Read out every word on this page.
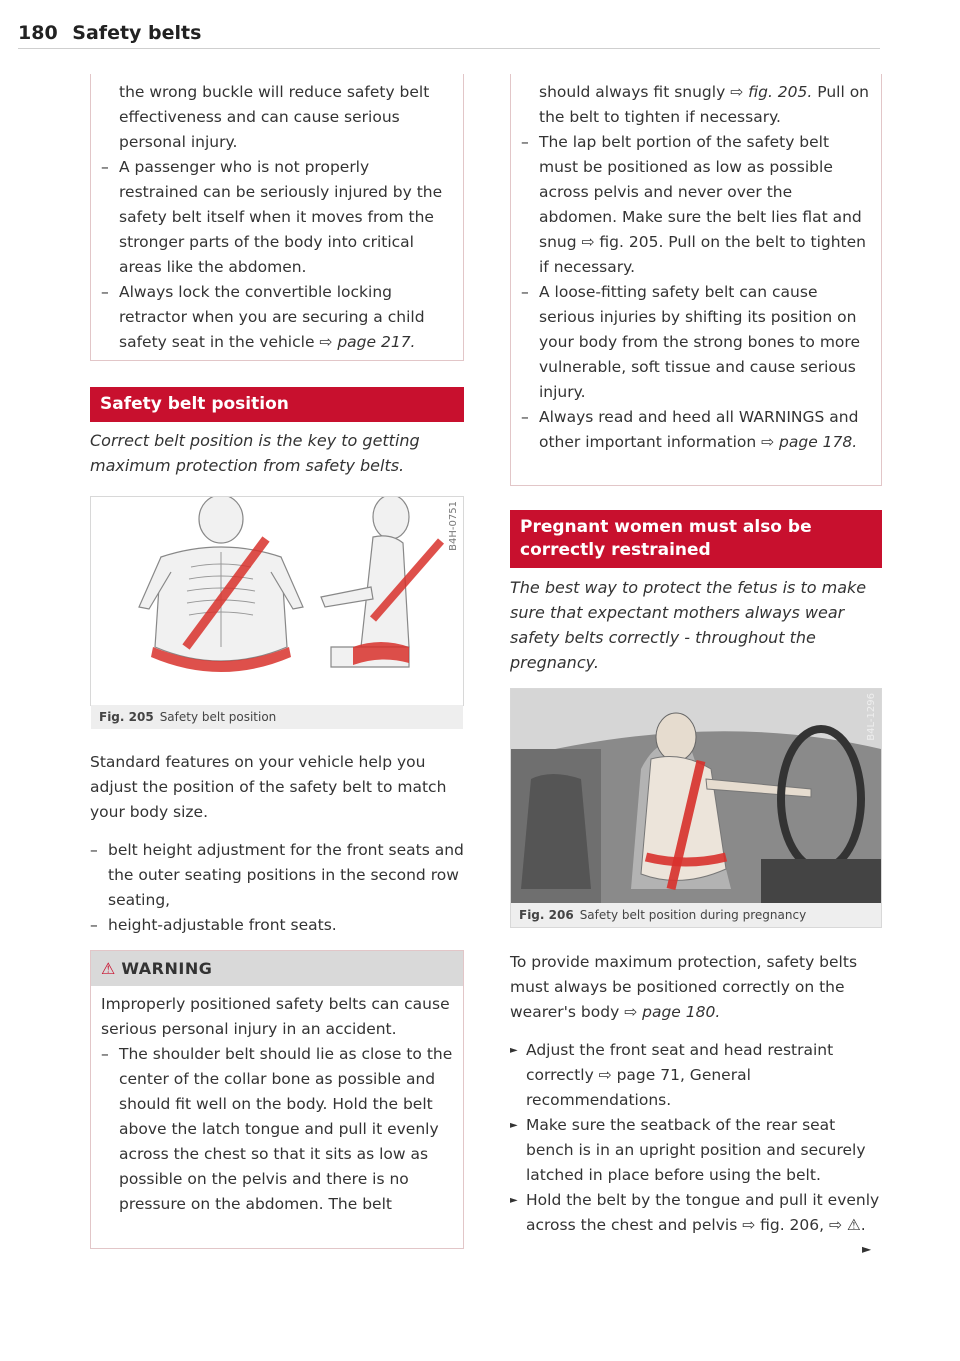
180 Safety belts
the wrong buckle will reduce safety belt effectiveness and can cause serious personal injury.
– A passenger who is not properly restrained can be seriously injured by the safety belt itself when it moves from the stronger parts of the body into critical areas like the abdomen.
– Always lock the convertible locking retractor when you are securing a child safety seat in the vehicle ⇨ page 217.
Safety belt position
Correct belt position is the key to getting maximum protection from safety belts.
B4H-0751
Fig. 205 Safety belt position
Standard features on your vehicle help you adjust the position of the safety belt to match your body size.
– belt height adjustment for the front seats and the outer seating positions in the second row seating,
– height-adjustable front seats.
⚠ WARNING
Improperly positioned safety belts can cause serious personal injury in an accident.
– The shoulder belt should lie as close to the center of the collar bone as possible and should fit well on the body. Hold the belt above the latch tongue and pull it evenly across the chest so that it sits as low as possible on the pelvis and there is no pressure on the abdomen. The belt
should always fit snugly ⇨ fig. 205. Pull on the belt to tighten if necessary.
– The lap belt portion of the safety belt must be positioned as low as possible across pelvis and never over the abdomen. Make sure the belt lies flat and snug ⇨ fig. 205. Pull on the belt to tighten if necessary.
– A loose-fitting safety belt can cause serious injuries by shifting its position on your body from the strong bones to more vulnerable, soft tissue and cause serious injury.
– Always read and heed all WARNINGS and other important information ⇨ page 178.
Pregnant women must also be correctly restrained
The best way to protect the fetus is to make sure that expectant mothers always wear safety belts correctly - throughout the pregnancy.
B4L-1296
Fig. 206 Safety belt position during pregnancy
To provide maximum protection, safety belts must always be positioned correctly on the wearer's body ⇨ page 180.
► Adjust the front seat and head restraint correctly ⇨ page 71, General recommendations.
► Make sure the seatback of the rear seat bench is in an upright position and securely latched in place before using the belt.
► Hold the belt by the tongue and pull it evenly across the chest and pelvis ⇨ fig. 206, ⇨ ⚠.
►
